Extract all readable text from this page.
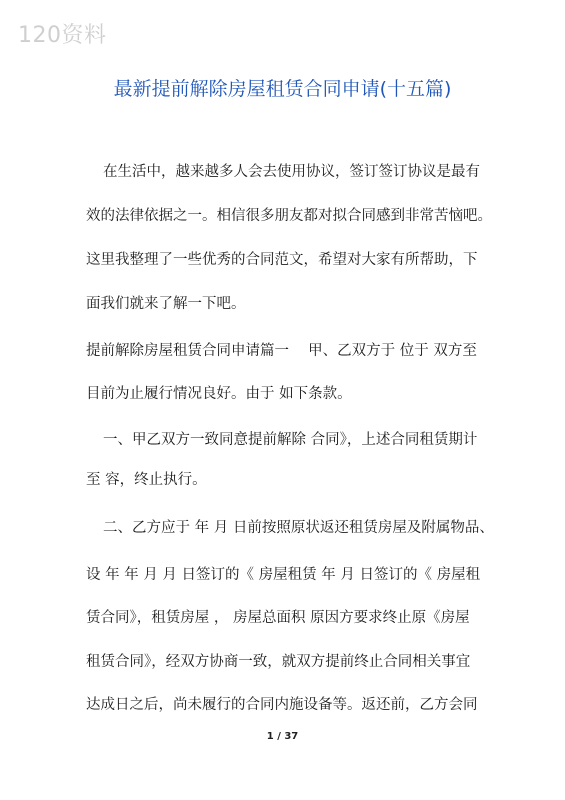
120资料
最新提前解除房屋租赁合同申请(十五篇)
在生活中，越来越多人会去使用协议，签订签订协议是最有
效的法律依据之一。相信很多朋友都对拟合同感到非常苦恼吧。
这里我整理了一些优秀的合同范文，希望对大家有所帮助，下
面我们就来了解一下吧。
提前解除房屋租赁合同申请篇一　 甲、乙双方于 位于 双方至
目前为止履行情况良好。由于 如下条款。
一、甲乙双方一致同意提前解除 合同》，上述合同租赁期计
至 容，终止执行。
二、乙方应于 年 月 日前按照原状返还租赁房屋及附属物品、
设 年 年 月 月 日签订的《 房屋租赁 年 月 日签订的《 房屋租
赁合同》，租赁房屋 ， 房屋总面积 原因方要求终止原《房屋
租赁合同》，经双方协商一致，就双方提前终止合同相关事宜
达成日之后，尚未履行的合同内施设备等。返还前，乙方会同
1 / 37
